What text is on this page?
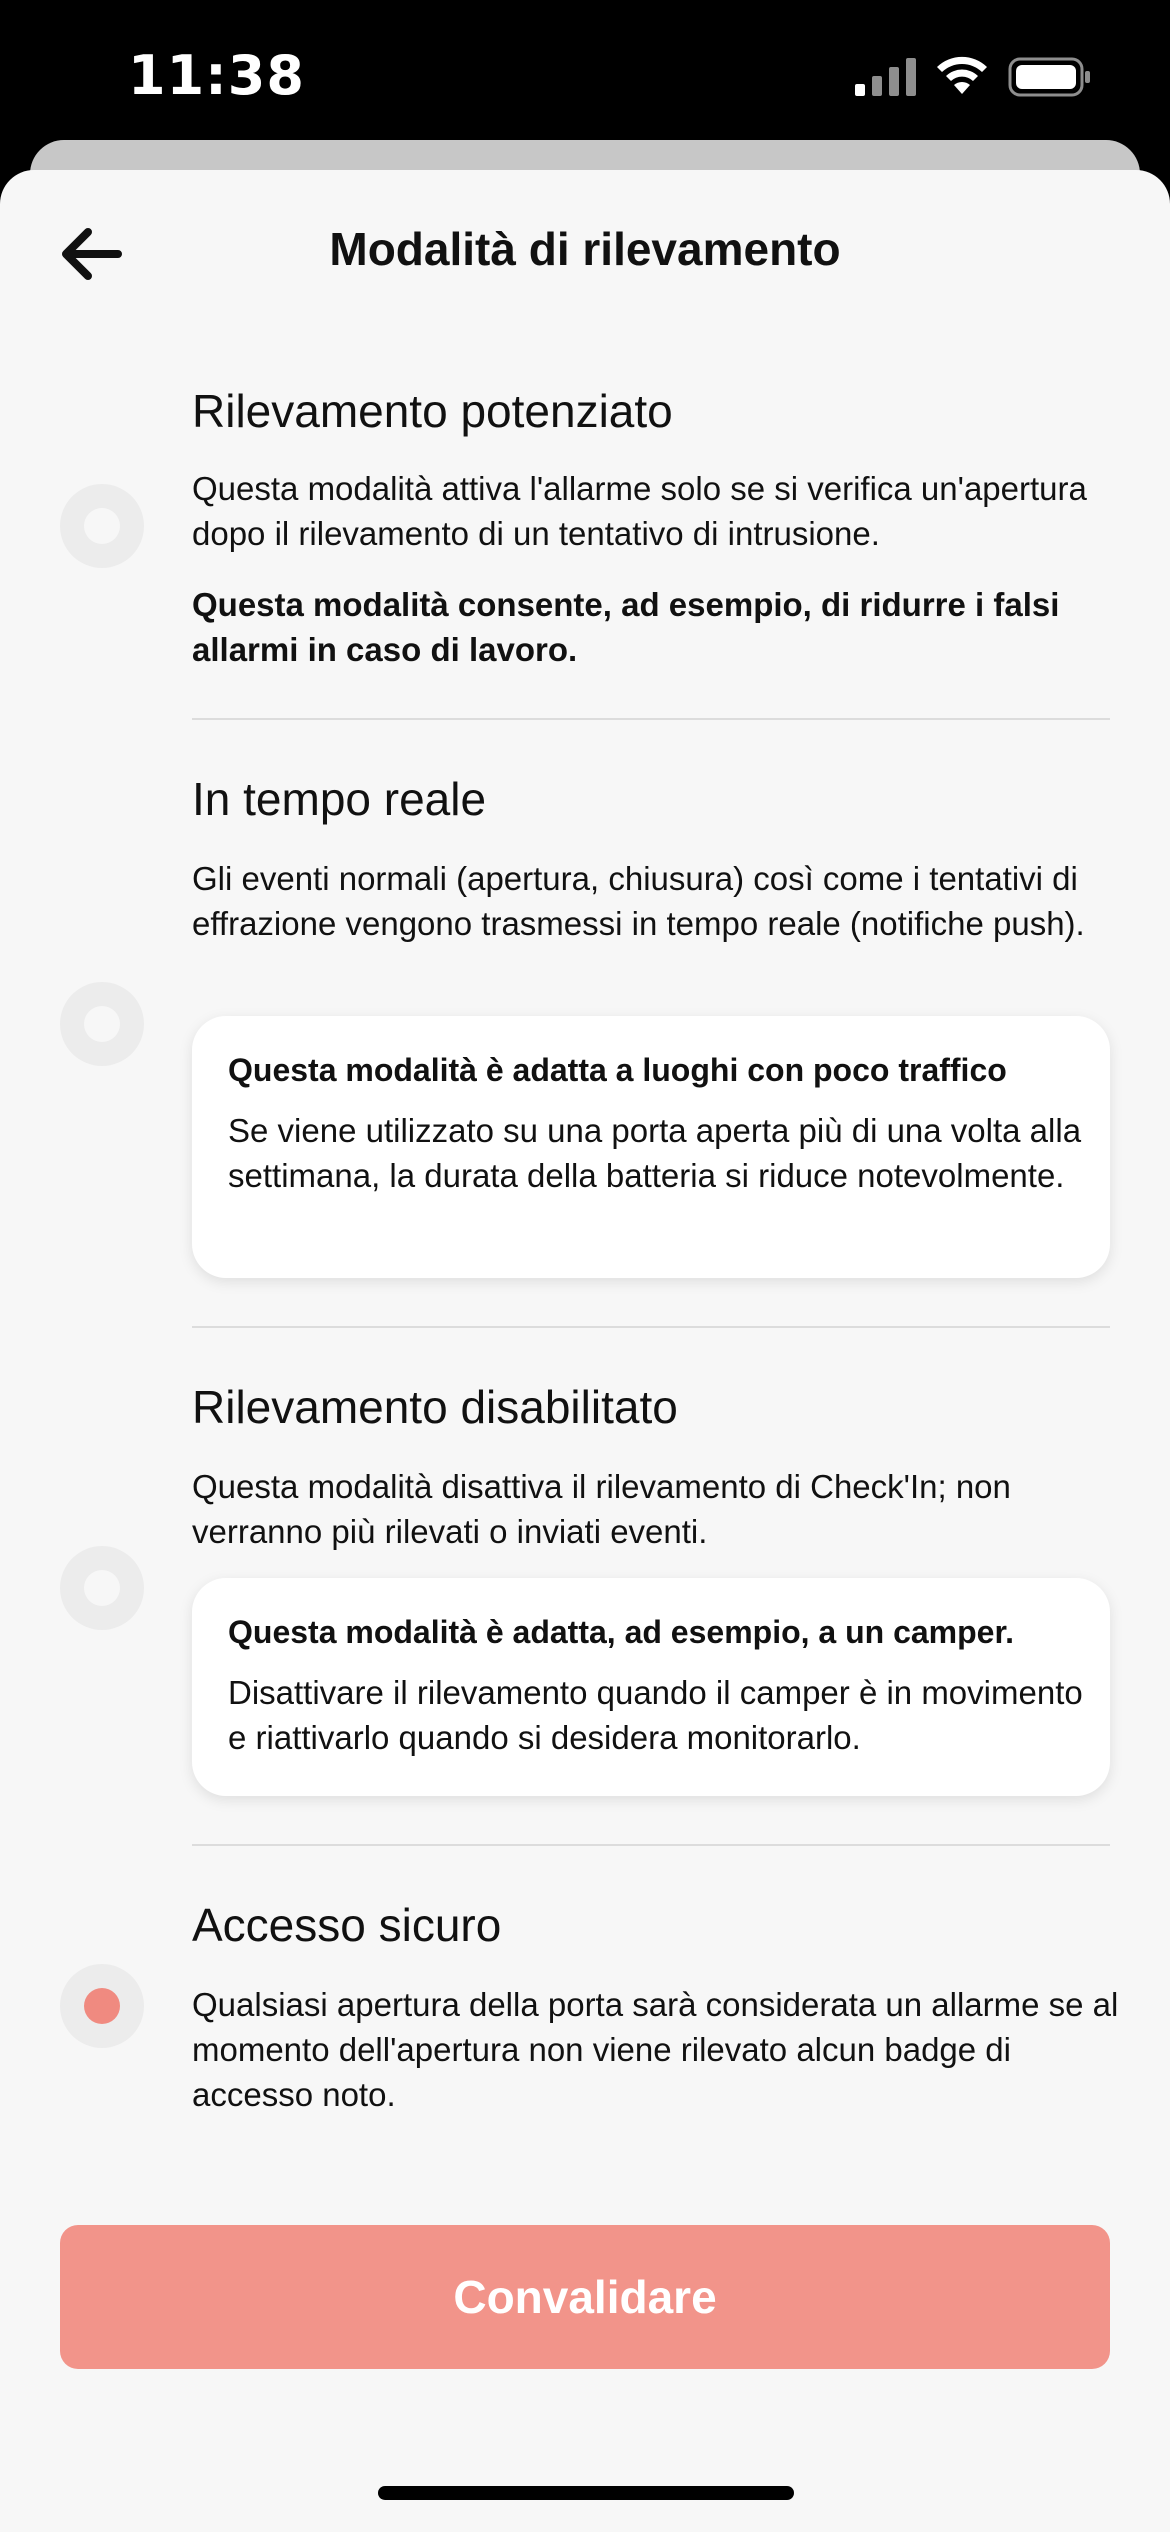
11:38
Modalità di rilevamento
Rilevamento potenziato
Questa modalità attiva l'allarme solo se si verifica un'apertura dopo il rilevamento di un tentativo di intrusione.
Questa modalità consente, ad esempio, di ridurre i falsi allarmi in caso di lavoro.
In tempo reale
Gli eventi normali (apertura, chiusura) così come i tentativi di effrazione vengono trasmessi in tempo reale (notifiche push).
Questa modalità è adatta a luoghi con poco traffico
Se viene utilizzato su una porta aperta più di una volta alla settimana, la durata della batteria si riduce notevolmente.
Rilevamento disabilitato
Questa modalità disattiva il rilevamento di Check'In; non verranno più rilevati o inviati eventi.
Questa modalità è adatta, ad esempio, a un camper.
Disattivare il rilevamento quando il camper è in movimento e riattivarlo quando si desidera monitorarlo.
Accesso sicuro
Qualsiasi apertura della porta sarà considerata un allarme se al momento dell'apertura non viene rilevato alcun badge di accesso noto.
Convalidare
